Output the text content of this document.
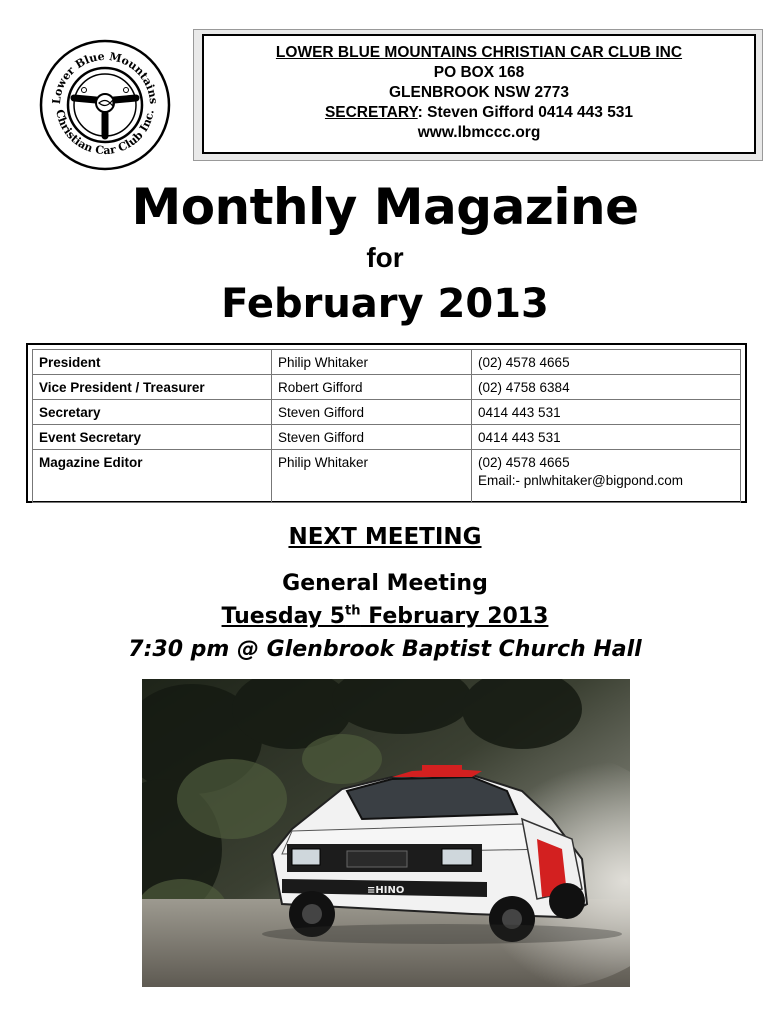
Lower Blue Mountains
Christian Car Club Inc.
LOWER BLUE MOUNTAINS CHRISTIAN CAR CLUB INC
PO BOX 168
GLENBROOK NSW 2773
SECRETARY: Steven Gifford 0414 443 531
www.lbmccc.org
Monthly Magazine
for
February 2013
President	Philip Whitaker	(02) 4578 4665
Vice President / Treasurer	Robert Gifford	(02) 4758 6384
Secretary	Steven Gifford	0414 443 531
Event Secretary	Steven Gifford	0414 443 531
Magazine Editor	Philip Whitaker	(02) 4578 4665
Email:- pnlwhitaker@bigpond.com
NEXT MEETING
General Meeting
Tuesday 5th February 2013
7:30 pm @ Glenbrook Baptist Church Hall
≡HINO
